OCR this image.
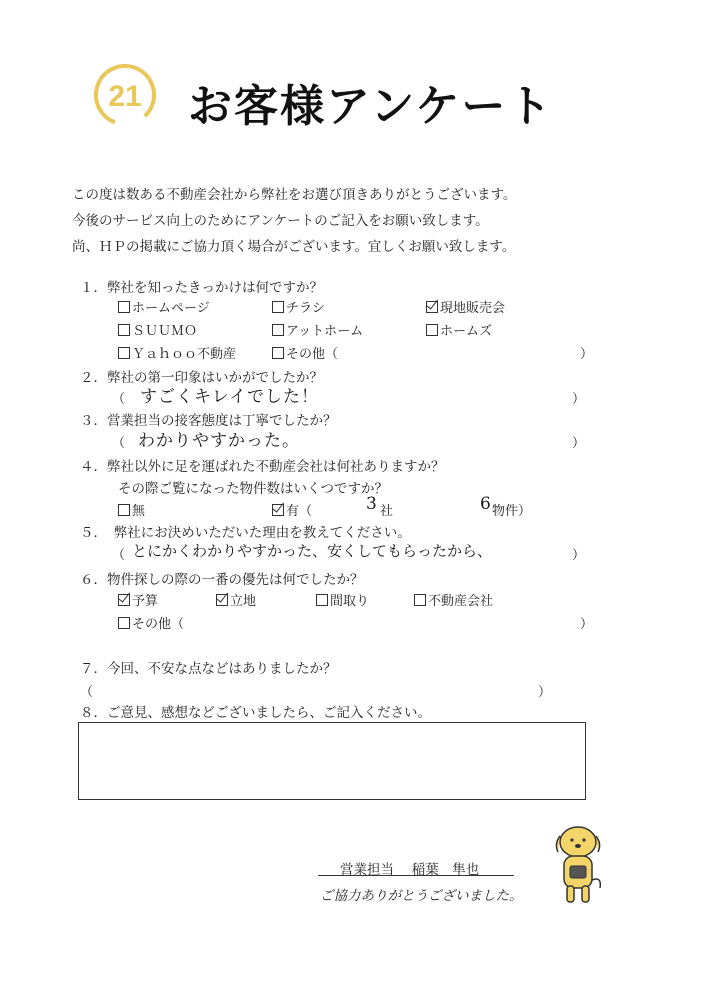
21 お客様アンケート
この度は数ある不動産会社から弊社をお選び頂きありがとうございます。
今後のサービス向上のためにアンケートのご記入をお願い致します。
尚、ＨＰの掲載にご協力頂く場合がございます。宜しくお願い致します。
１．弊社を知ったきっかけは何ですか？
ホームページ	チラシ	現地販売会
ＳＵＵＭＯ	アットホーム	ホームズ
Ｙａｈｏｏ不動産	その他（	）
２．弊社の第一印象はいかがでしたか？
（ すごくキレイでした！	）
３．営業担当の接客態度は丁寧でしたか？
（ わかりやすかった。	）
４．弊社以外に足を運ばれた不動産会社は何社ありますか？
その際ご覧になった物件数はいくつですか？
無	有（	3 社	6 物件）
５．　弊社にお決めいただいた理由を教えてください。
（ とにかくわかりやすかった、安くしてもらったから、	）
６．物件探しの際の一番の優先は何でしたか？
予算	立地	間取り	不動産会社
その他（	）
７．今回、不安な点などはありましたか？
（	）
８．ご意見、感想などございましたら、ご記入ください。
営業担当　 稲葉　隼也
ご協力ありがとうございました。
